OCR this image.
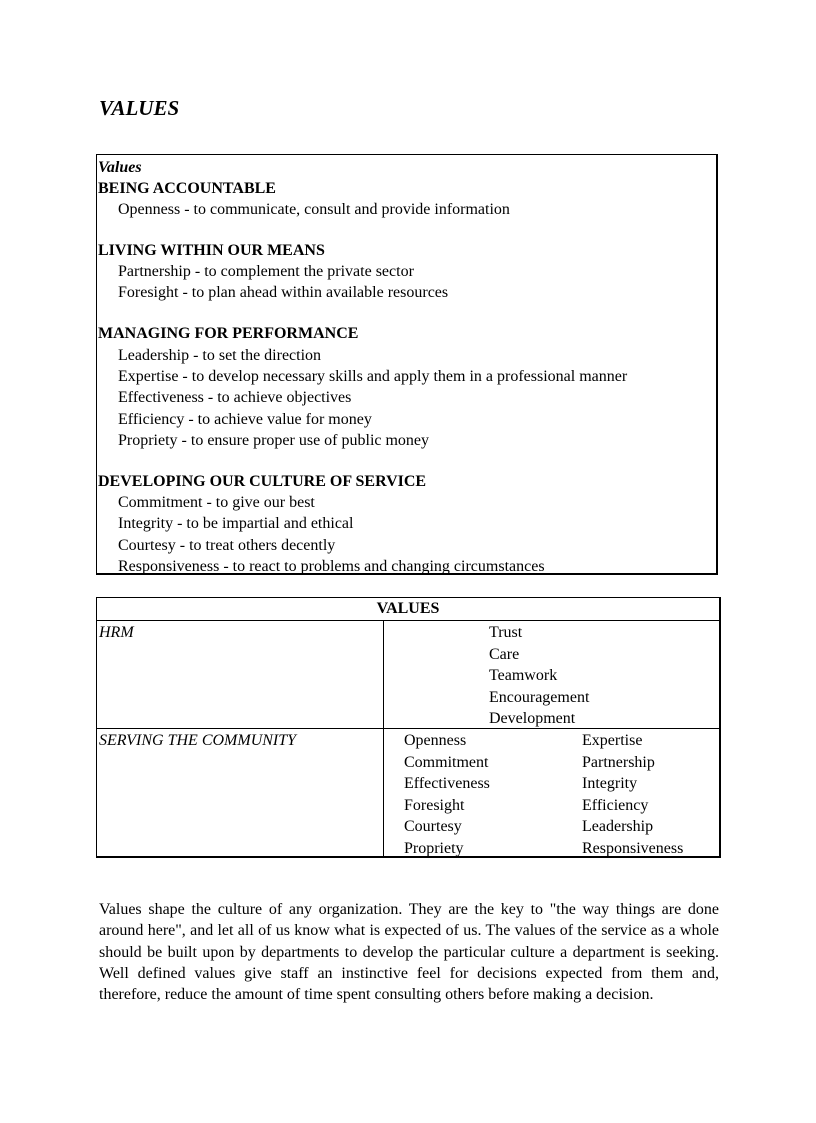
VALUES
Values
BEING ACCOUNTABLE
Openness - to communicate, consult and provide information
LIVING WITHIN OUR MEANS
Partnership - to complement the private sector
Foresight - to plan ahead within available resources
MANAGING FOR PERFORMANCE
Leadership - to set the direction
Expertise - to develop necessary skills and apply them in a professional manner
Effectiveness - to achieve objectives
Efficiency - to achieve value for money
Propriety - to ensure proper use of public money
DEVELOPING OUR CULTURE OF SERVICE
Commitment - to give our best
Integrity - to be impartial and ethical
Courtesy - to treat others decently
Responsiveness - to react to problems and changing circumstances
VALUES
HRM	Trust
Care
Teamwork
Encouragement
Development
SERVING THE COMMUNITY	Openness
Commitment
Effectiveness
Foresight
Courtesy
Propriety
Expertise
Partnership
Integrity
Efficiency
Leadership
Responsiveness
Values shape the culture of any organization. They are the key to "the way things are done around here", and let all of us know what is expected of us. The values of the service as a whole should be built upon by departments to develop the particular culture a department is seeking. Well defined values give staff an instinctive feel for decisions expected from them and, therefore, reduce the amount of time spent consulting others before making a decision.
